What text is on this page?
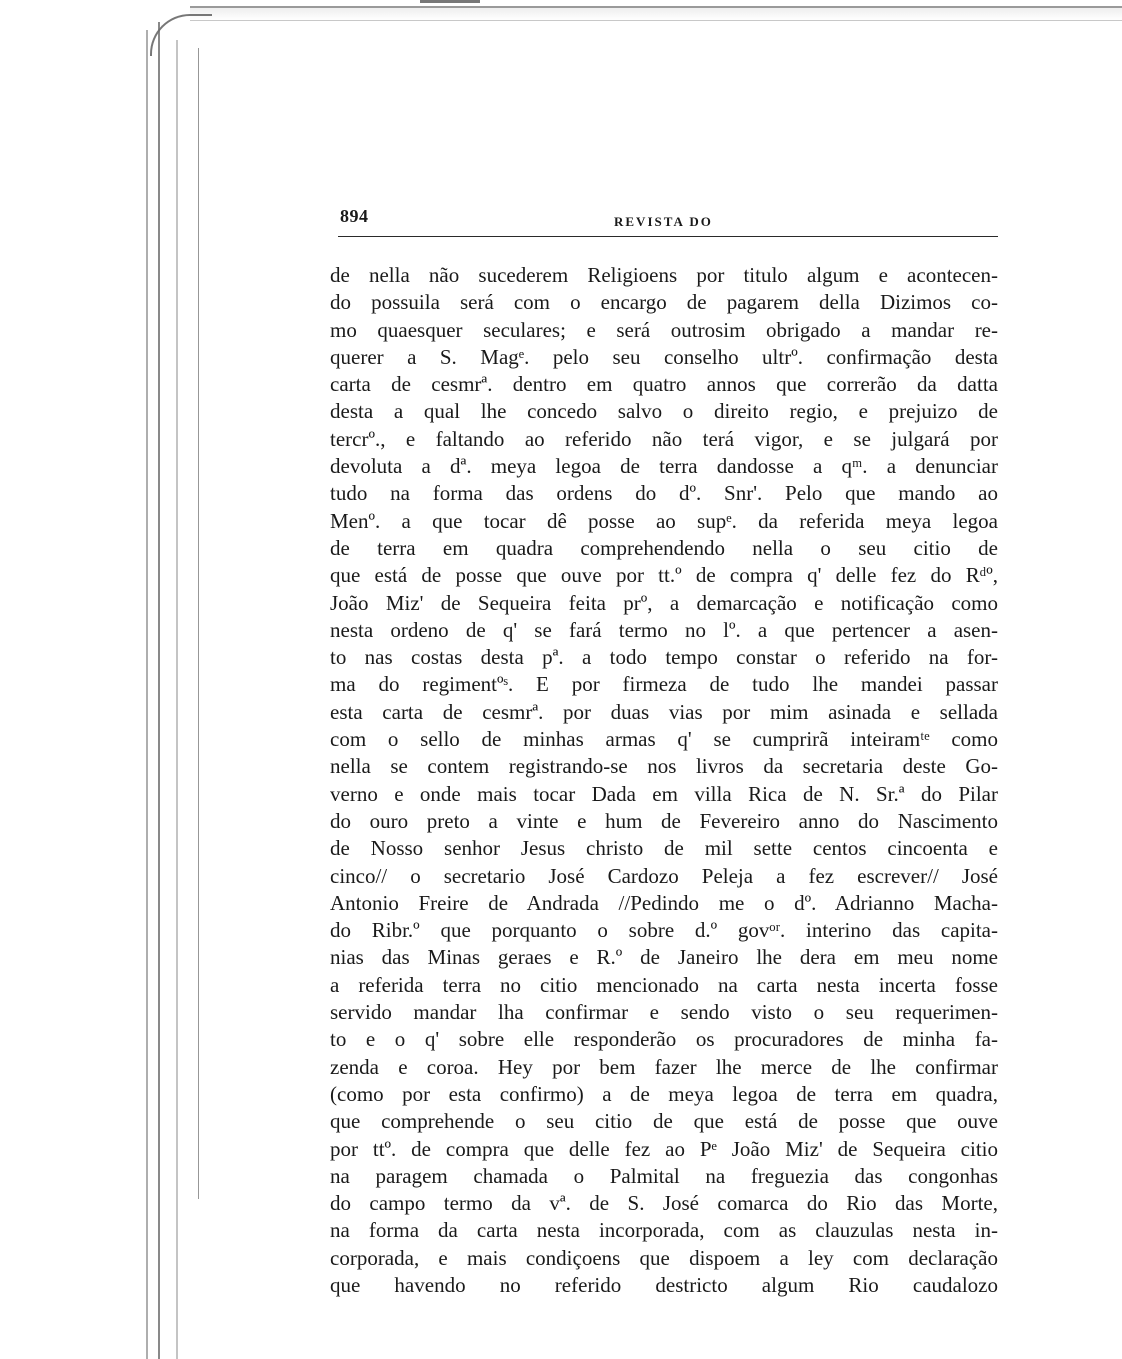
894	REVISTA DO
de nella não sucederem Religioens por titulo algum e acontecen-
do possuila será com o encargo de pagarem della Dizimos co-
mo quaesquer seculares; e será outrosim obrigado a mandar re-
querer a S. Magᵉ. pelo seu conselho ultrº. confirmação desta
carta de cesmrª. dentro em quatro annos que correrão da datta
desta a qual lhe concedo salvo o direito regio, e prejuizo de
tercrº., e faltando ao referido não terá vigor, e se julgará por
devoluta a dª. meya legoa de terra dandosse a qᵐ. a denunciar
tudo na forma das ordens do dº. Snr'. Pelo que mando ao
Menº. a que tocar dê posse ao supᵉ. da referida meya legoa
de terra em quadra comprehendendo nella o seu citio de
que está de posse que ouve por tt.º de compra q' delle fez do Rᵈº,
João Miz' de Sequeira feita prº, a demarcação e notificação como
nesta ordeno de q' se fará termo no lº. a que pertencer a asen-
to nas costas desta pª. a todo tempo constar o referido na for-
ma do regimentºˢ. E por firmeza de tudo lhe mandei passar
esta carta de cesmrª. por duas vias por mim asinada e sellada
com o sello de minhas armas q' se cumprirã inteiramᵗᵉ como
nella se contem registrando-se nos livros da secretaria deste Go-
verno e onde mais tocar Dada em villa Rica de N. Sr.ª do Pilar
do ouro preto a vinte e hum de Fevereiro anno do Nascimento
de Nosso senhor Jesus christo de mil sette centos cincoenta e
cinco// o secretario José Cardozo Peleja a fez escrever// José
Antonio Freire de Andrada //Pedindo me o dº. Adrianno Macha-
do Ribr.º que porquanto o sobre d.º govᵒʳ. interino das capita-
nias das Minas geraes e R.º de Janeiro lhe dera em meu nome
a referida terra no citio mencionado na carta nesta incerta fosse
servido mandar lha confirmar e sendo visto o seu requerimen-
to e o q' sobre elle responderão os procuradores de minha fa-
zenda e coroa. Hey por bem fazer lhe merce de lhe confirmar
(como por esta confirmo) a de meya legoa de terra em quadra,
que comprehende o seu citio de que está de posse que ouve
por ttº. de compra que delle fez ao Pᵉ João Miz' de Sequeira citio
na paragem chamada o Palmital na freguezia das congonhas
do campo termo da vª. de S. José comarca do Rio das Morte,
na forma da carta nesta incorporada, com as clauzulas nesta in-
corporada, e mais condiçoens que dispoem a ley com declaração
que havendo no referido destricto algum Rio caudalozo
